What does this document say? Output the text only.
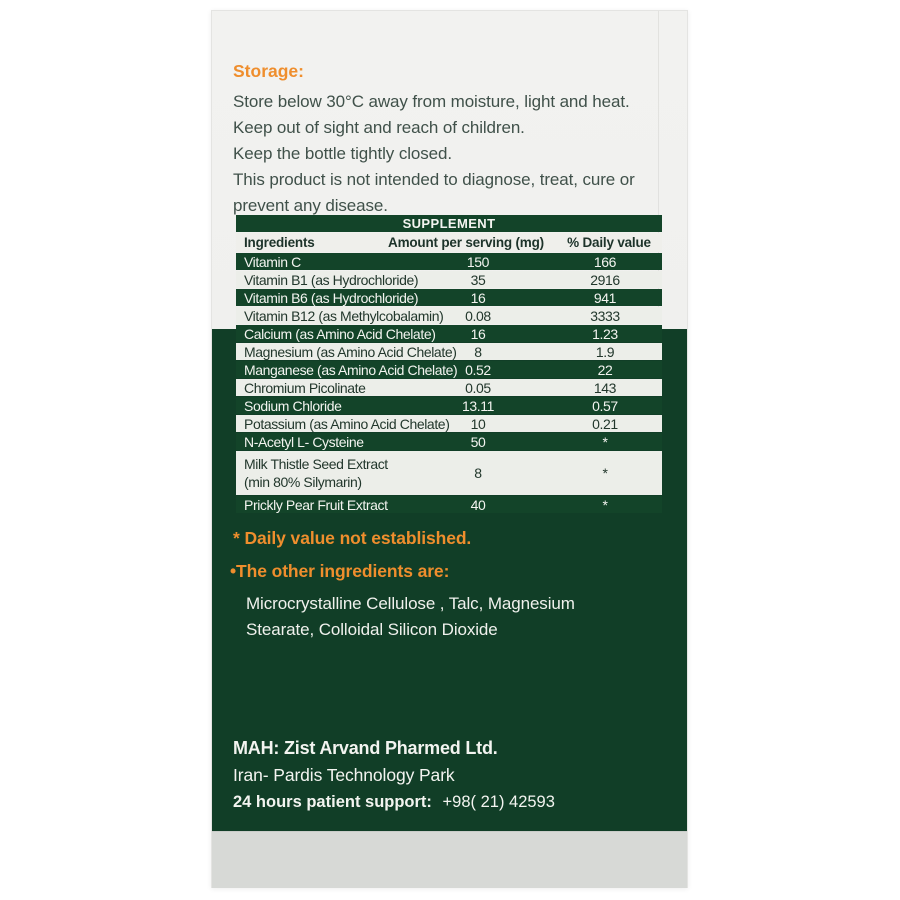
Storage:
Store below 30°C away from moisture, light and heat.
Keep out of sight and reach of children.
Keep the bottle tightly closed.
This product is not intended to diagnose, treat, cure or prevent any disease.
SUPPLEMENT
Ingredients	Amount per serving (mg)	% Daily value
Vitamin C	150	166
Vitamin B1 (as Hydrochloride)	35	2916
Vitamin B6 (as Hydrochloride)	16	941
Vitamin B12 (as Methylcobalamin)	0.08	3333
Calcium (as Amino Acid Chelate)	16	1.23
Magnesium (as Amino Acid Chelate)	8	1.9
Manganese (as Amino Acid Chelate) 0.52	22
Chromium Picolinate	0.05	143
Sodium Chloride	13.11	0.57
Potassium (as Amino Acid Chelate)	10	0.21
N-Acetyl L- Cysteine	50	*
Milk Thistle Seed Extract
(min 80% Silymarin)
8	*
Prickly Pear Fruit Extract	40	*
* Daily value not established.
•The other ingredients are:
Microcrystalline Cellulose , Talc, Magnesium Stearate, Colloidal Silicon Dioxide
MAH: Zist Arvand Pharmed Ltd.
Iran- Pardis Technology Park
24 hours patient support: +98( 21) 42593
